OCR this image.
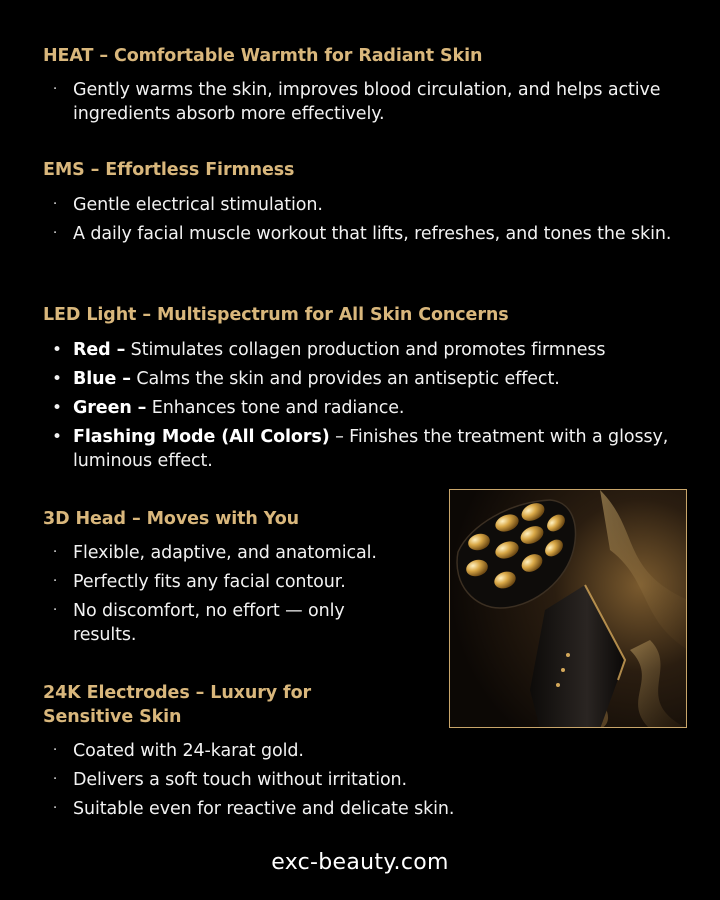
HEAT – Comfortable Warmth for Radiant Skin
· Gently warms the skin, improves blood circulation, and helps active ingredients absorb more effectively.
EMS – Effortless Firmness
· Gentle electrical stimulation.
· A daily facial muscle workout that lifts, refreshes, and tones the skin.
LED Light – Multispectrum for All Skin Concerns
• Red – Stimulates collagen production and promotes firmness
• Blue – Calms the skin and provides an antiseptic effect.
• Green – Enhances tone and radiance.
• Flashing Mode (All Colors) – Finishes the treatment with a glossy, luminous effect.
3D Head – Moves with You
· Flexible, adaptive, and anatomical.
· Perfectly fits any facial contour.
· No discomfort, no effort — only results.
24K Electrodes – Luxury for Sensitive Skin
· Coated with 24-karat gold.
· Delivers a soft touch without irritation.
· Suitable even for reactive and delicate skin.
exc-beauty.com
